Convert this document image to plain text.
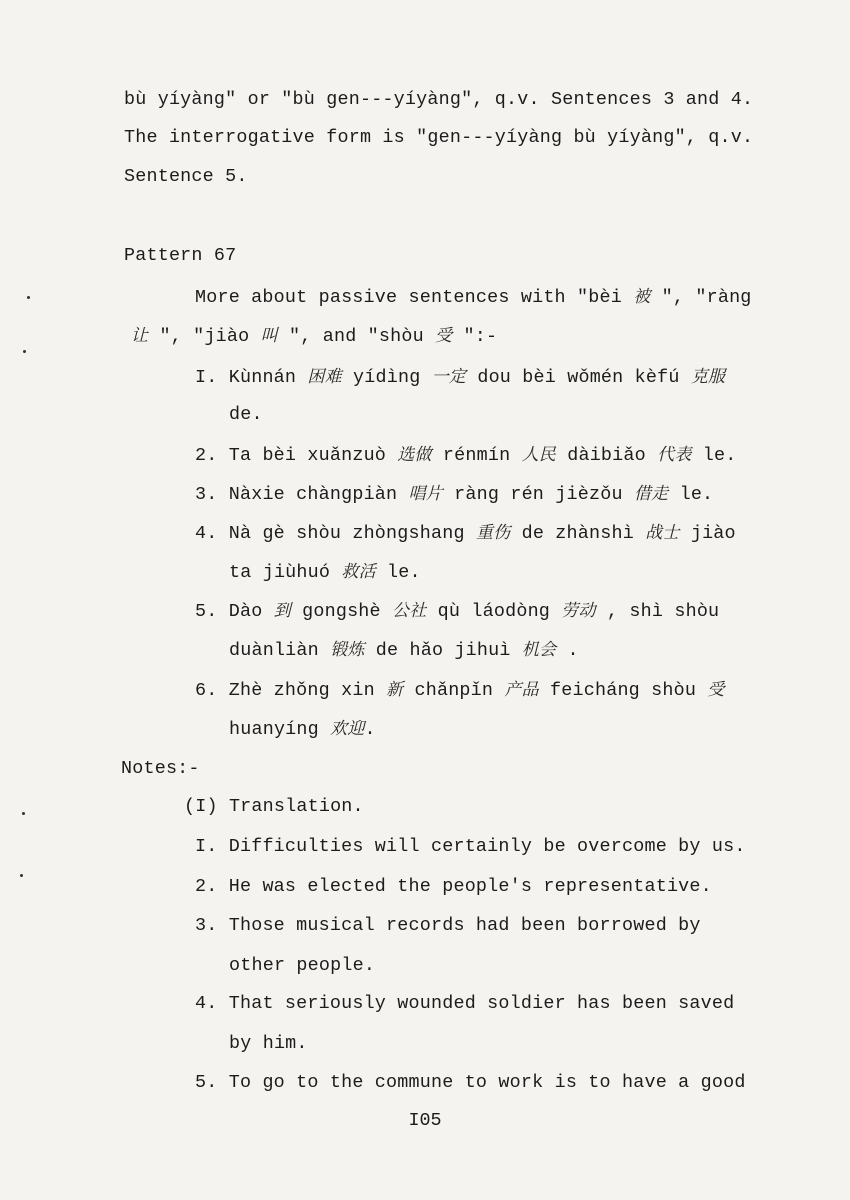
bù yíyàng" or "bù gen---yíyàng", q.v. Sentences 3 and 4.
The interrogative form is "gen---yíyàng bù yíyàng", q.v.
Sentence 5.
Pattern 67
More about passive sentences with "bèi 被 ", "ràng
让 ", "jiào 叫 ", and "shòu 受 ":-
I. Kùnnán 困难 yídìng 一定 dou bèi wǒmén kèfú 克服
de.
2. Ta bèi xuǎnzuò 选做 rénmín 人民 dàibiǎo 代表 le.
3. Nàxie chàngpiàn 唱片 ràng rén jièzǒu 借走 le.
4. Nà gè shòu zhòngshang 重伤 de zhànshì 战士 jiào
ta jiùhuó 救活 le.
5. Dào 到 gongshè 公社 qù láodòng 劳动 , shì shòu
duànliàn 锻炼 de hǎo jihuì 机会 .
6. Zhè zhǒng xin 新 chǎnpǐn 产品 feicháng shòu 受
huanyíng 欢迎.
Notes:-
(I) Translation.
I. Difficulties will certainly be overcome by us.
2. He was elected the people's representative.
3. Those musical records had been borrowed by
other people.
4. That seriously wounded soldier has been saved
by him.
5. To go to the commune to work is to have a good
I05
